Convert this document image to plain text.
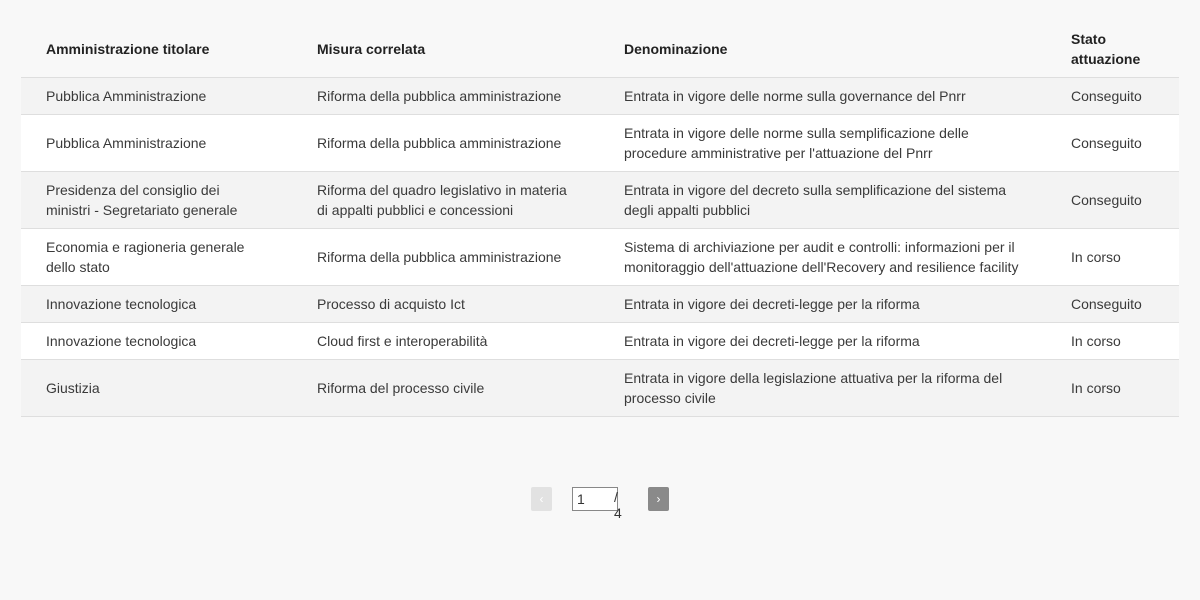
Amministrazione titolare	Misura correlata	Denominazione	Stato attuazione
Pubblica Amministrazione	Riforma della pubblica amministrazione	Entrata in vigore delle norme sulla governance del Pnrr	Conseguito
Pubblica Amministrazione	Riforma della pubblica amministrazione	Entrata in vigore delle norme sulla semplificazione delle procedure amministrative per l'attuazione del Pnrr	Conseguito
Presidenza del consiglio dei ministri - Segretariato generale	Riforma del quadro legislativo in materia di appalti pubblici e concessioni	Entrata in vigore del decreto sulla semplificazione del sistema degli appalti pubblici	Conseguito
Economia e ragioneria generale dello stato	Riforma della pubblica amministrazione	Sistema di archiviazione per audit e controlli: informazioni per il monitoraggio dell'attuazione dell'Recovery and resilience facility	In corso
Innovazione tecnologica	Processo di acquisto Ict	Entrata in vigore dei decreti-legge per la riforma	Conseguito
Innovazione tecnologica	Cloud first e interoperabilità	Entrata in vigore dei decreti-legge per la riforma	In corso
Giustizia	Riforma del processo civile	Entrata in vigore della legislazione attuativa per la riforma del processo civile	In corso
‹
1	/ 4
›
